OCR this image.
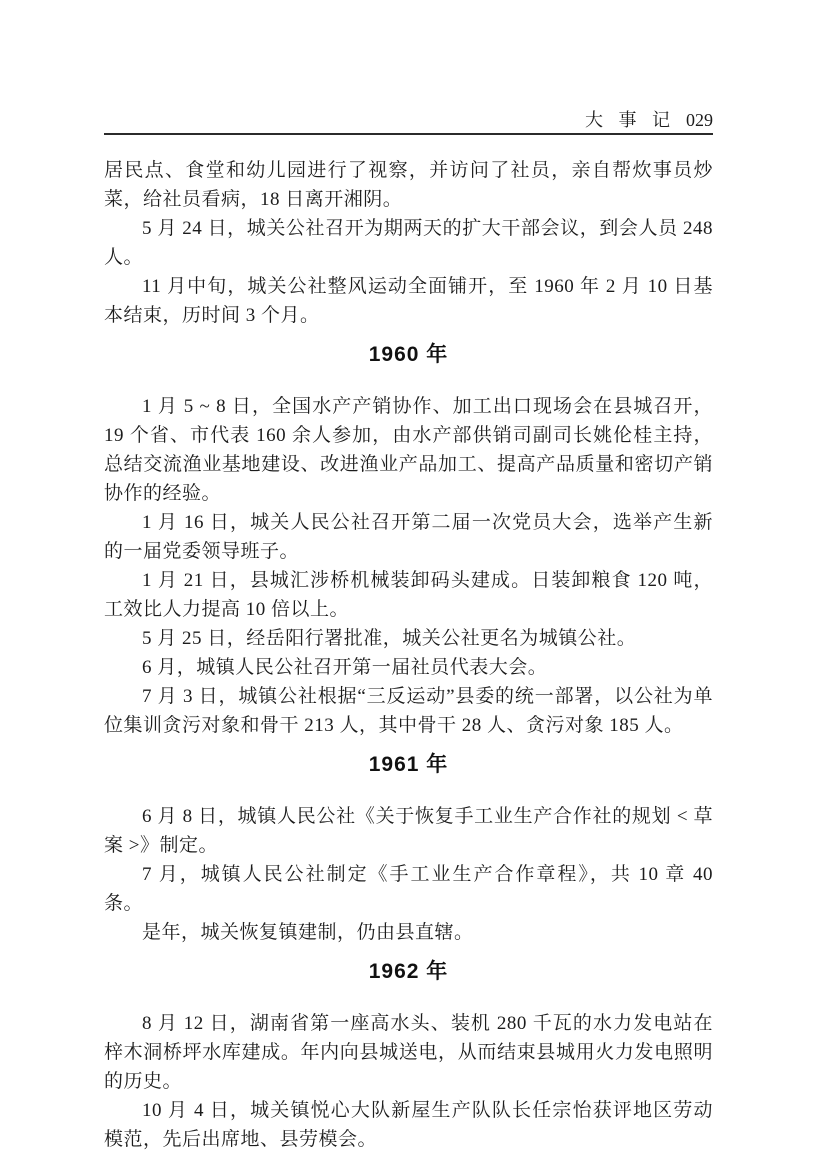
大 事 记 029

居民点、食堂和幼儿园进行了视察，并访问了社员，亲自帮炊事员炒菜，给社员看病，18 日离开湘阴。

5 月 24 日，城关公社召开为期两天的扩大干部会议，到会人员 248 人。

11 月中旬，城关公社整风运动全面铺开，至 1960 年 2 月 10 日基本结束，历时间 3 个月。

1960 年

1 月 5 ~ 8 日，全国水产产销协作、加工出口现场会在县城召开，19 个省、市代表 160 余人参加，由水产部供销司副司长姚伦桂主持，总结交流渔业基地建设、改进渔业产品加工、提高产品质量和密切产销协作的经验。

1 月 16 日，城关人民公社召开第二届一次党员大会，选举产生新的一届党委领导班子。

1 月 21 日，县城汇涉桥机械装卸码头建成。日装卸粮食 120 吨，工效比人力提高 10 倍以上。

5 月 25 日，经岳阳行署批准，城关公社更名为城镇公社。

6 月，城镇人民公社召开第一届社员代表大会。

7 月 3 日，城镇公社根据“三反运动”县委的统一部署，以公社为单位集训贪污对象和骨干 213 人，其中骨干 28 人、贪污对象 185 人。

1961 年

6 月 8 日，城镇人民公社《关于恢复手工业生产合作社的规划 < 草案 >》制定。

7 月，城镇人民公社制定《手工业生产合作章程》，共 10 章 40 条。

是年，城关恢复镇建制，仍由县直辖。

1962 年

8 月 12 日，湖南省第一座高水头、装机 280 千瓦的水力发电站在梓木洞桥坪水库建成。年内向县城送电，从而结束县城用火力发电照明的历史。

10 月 4 日，城关镇悦心大队新屋生产队队长任宗怡获评地区劳动模范，先后出席地、县劳模会。
